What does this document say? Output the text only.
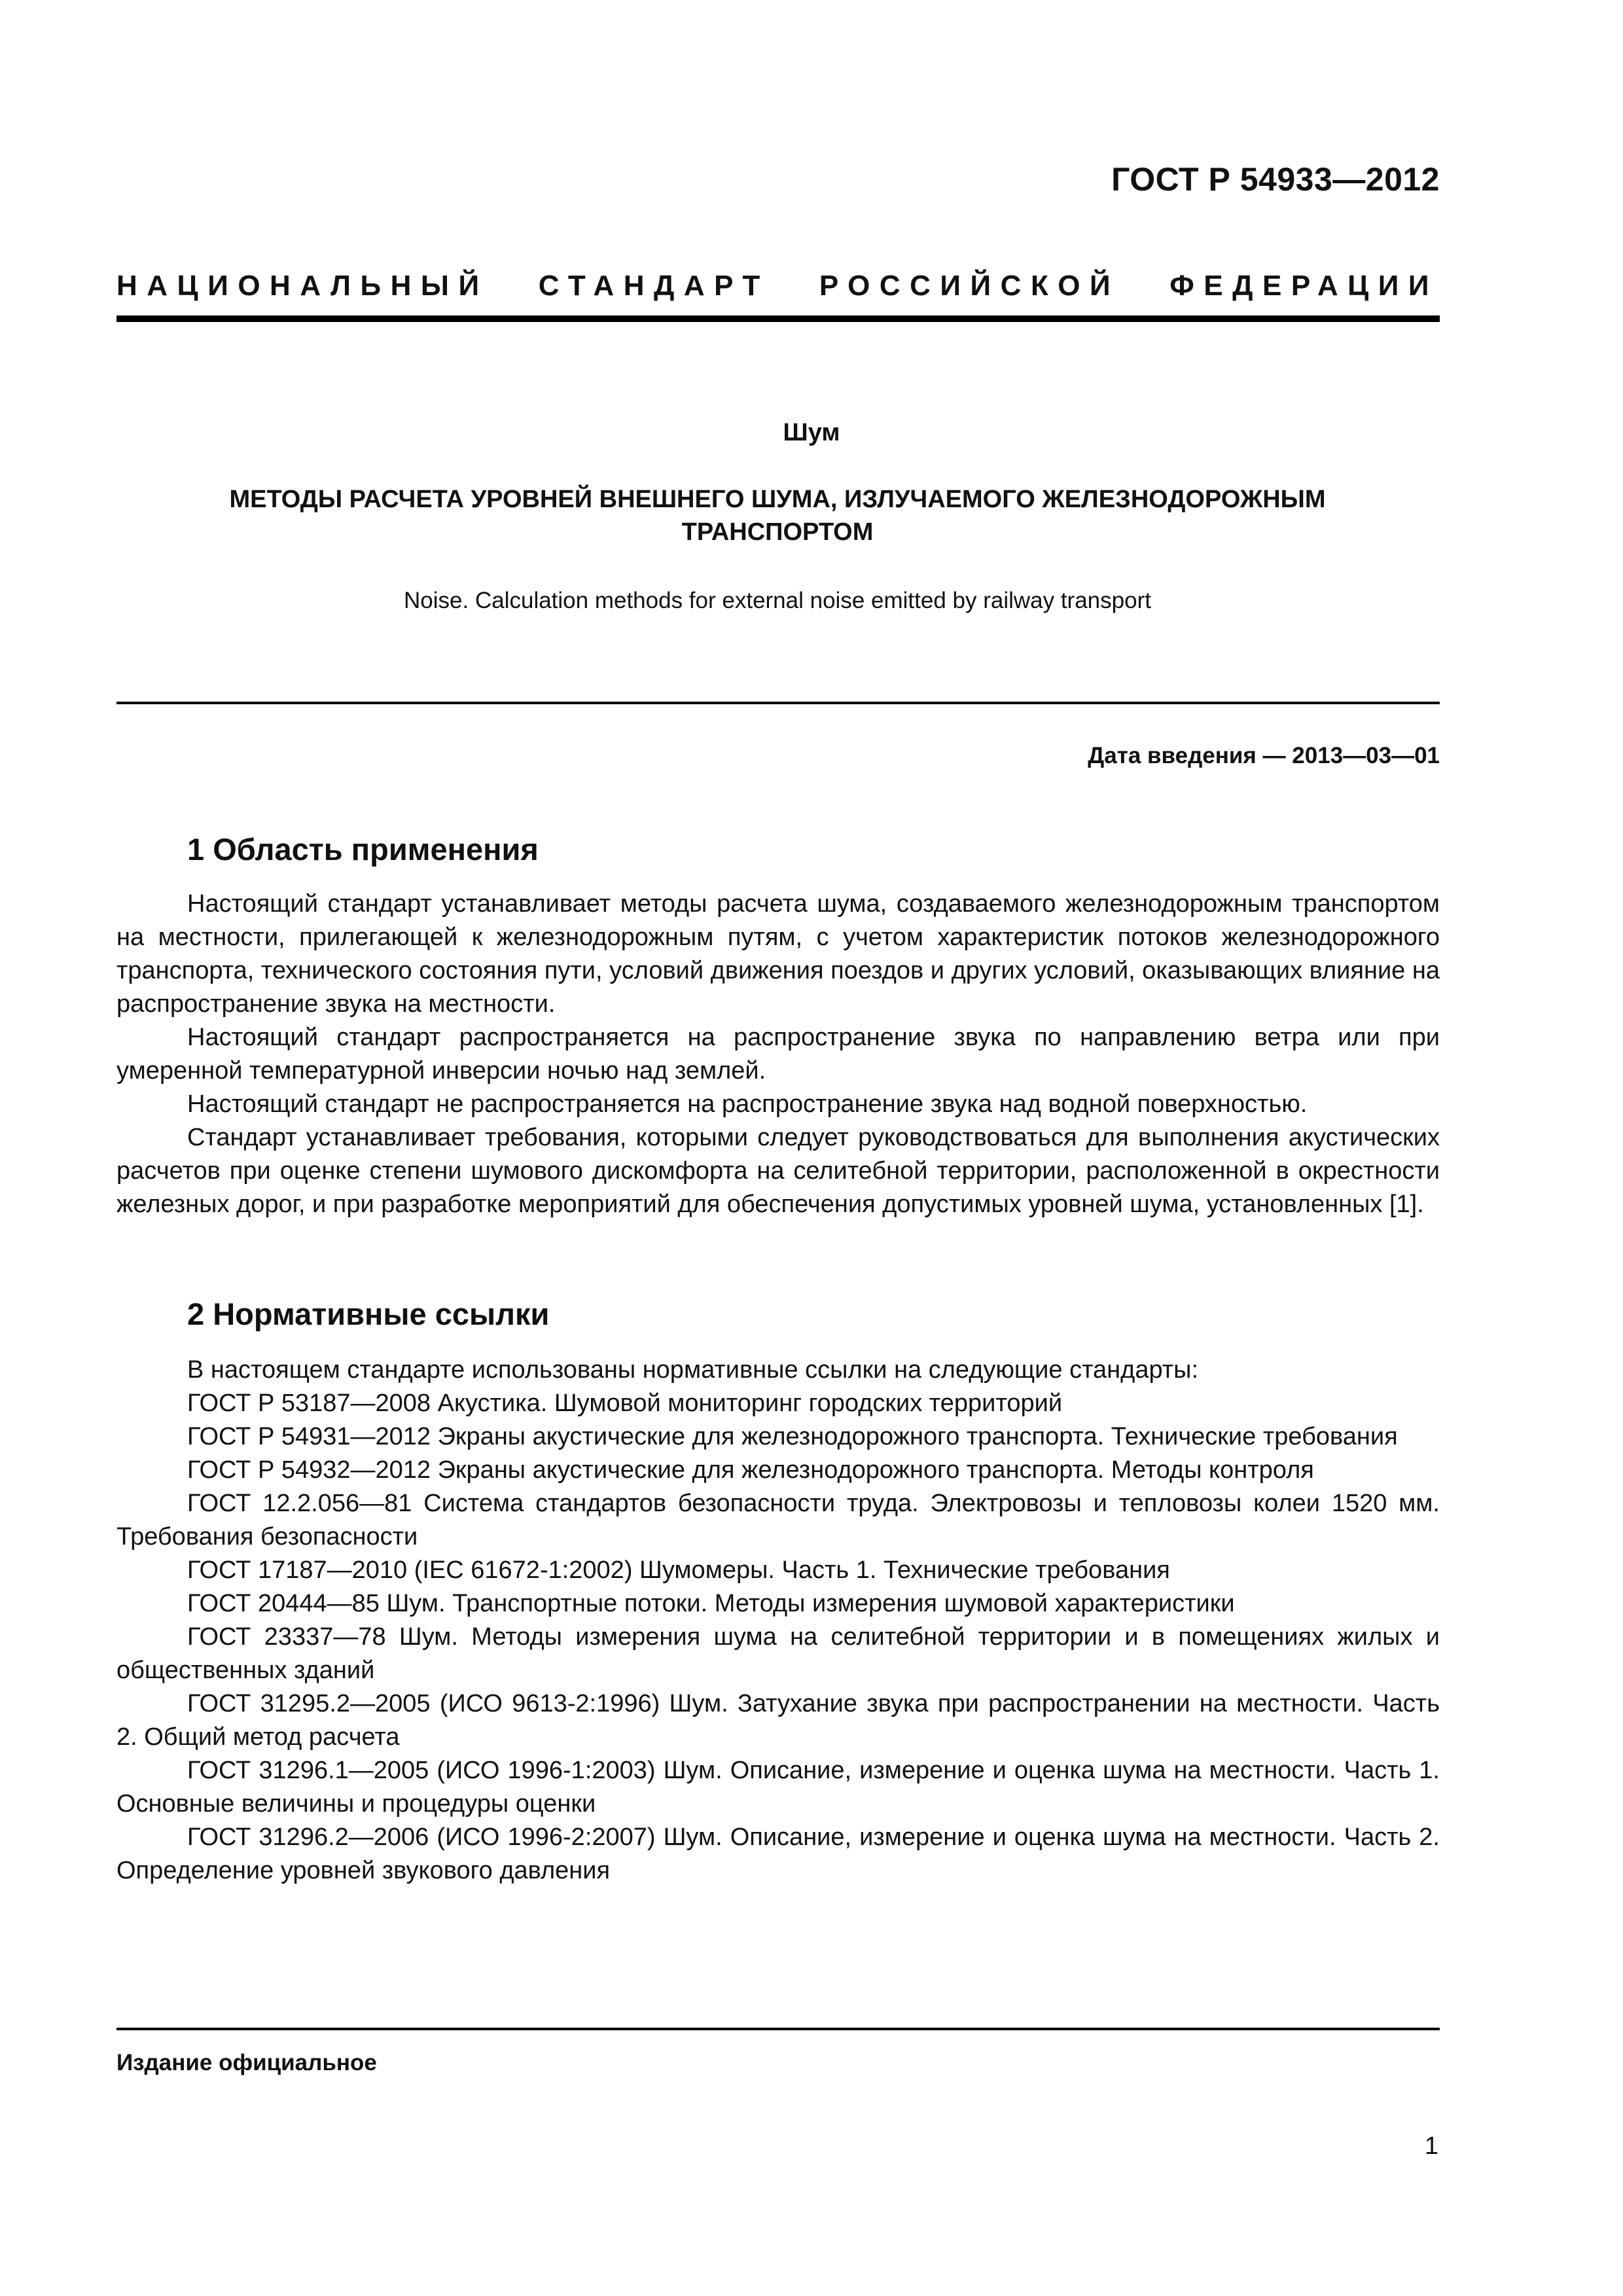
ГОСТ Р 54933—2012
НАЦИОНАЛЬНЫЙ СТАНДАРТ РОССИЙСКОЙ ФЕДЕРАЦИИ
Шум
МЕТОДЫ РАСЧЕТА УРОВНЕЙ ВНЕШНЕГО ШУМА, ИЗЛУЧАЕМОГО ЖЕЛЕЗНОДОРОЖНЫМ
ТРАНСПОРТОМ
Noise. Calculation methods for external noise emitted by railway transport
Дата введения — 2013—03—01
1 Область применения

Настоящий стандарт устанавливает методы расчета шума, создаваемого железнодорожным транспортом на местности, прилегающей к железнодорожным путям, с учетом характеристик потоков железнодорожного транспорта, технического состояния пути, условий движения поездов и других условий, оказывающих влияние на распространение звука на местности.

Настоящий стандарт распространяется на распространение звука по направлению ветра или при умеренной температурной инверсии ночью над землей.

Настоящий стандарт не распространяется на распространение звука над водной поверхностью.

Стандарт устанавливает требования, которыми следует руководствоваться для выполнения акустических расчетов при оценке степени шумового дискомфорта на селитебной территории, расположенной в окрестности железных дорог, и при разработке мероприятий для обеспечения допустимых уровней шума, установленных [1].

2 Нормативные ссылки

В настоящем стандарте использованы нормативные ссылки на следующие стандарты:

ГОСТ Р 53187—2008 Акустика. Шумовой мониторинг городских территорий

ГОСТ Р 54931—2012 Экраны акустические для железнодорожного транспорта. Технические требования

ГОСТ Р 54932—2012 Экраны акустические для железнодорожного транспорта. Методы контроля

ГОСТ 12.2.056—81 Система стандартов безопасности труда. Электровозы и тепловозы колеи 1520 мм. Требования безопасности

ГОСТ 17187—2010 (IEC 61672-1:2002) Шумомеры. Часть 1. Технические требования

ГОСТ 20444—85 Шум. Транспортные потоки. Методы измерения шумовой характеристики

ГОСТ 23337—78 Шум. Методы измерения шума на селитебной территории и в помещениях жилых и общественных зданий

ГОСТ 31295.2—2005 (ИСО 9613-2:1996) Шум. Затухание звука при распространении на местности. Часть 2. Общий метод расчета

ГОСТ 31296.1—2005 (ИСО 1996-1:2003) Шум. Описание, измерение и оценка шума на местности. Часть 1. Основные величины и процедуры оценки

ГОСТ 31296.2—2006 (ИСО 1996-2:2007) Шум. Описание, измерение и оценка шума на местности. Часть 2. Определение уровней звукового давления

Издание официальное
1
